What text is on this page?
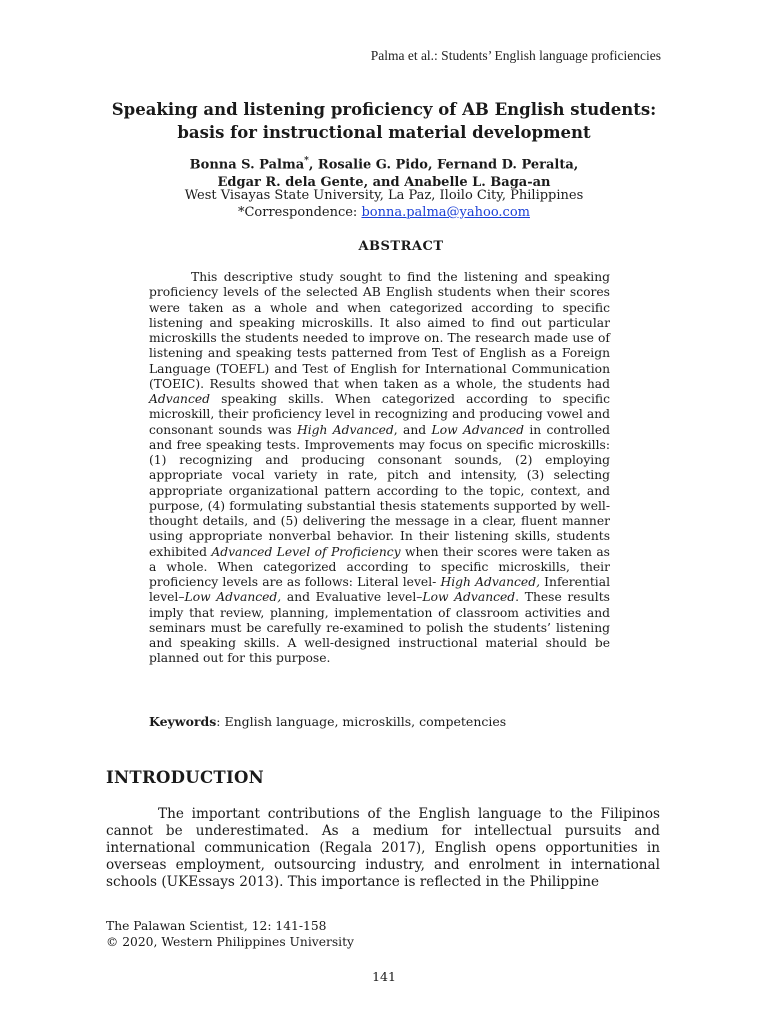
Palma et al.: Students’ English language proficiencies
Speaking and listening proficiency of AB English students:
basis for instructional material development
Bonna S. Palma*, Rosalie G. Pido, Fernand D. Peralta,
Edgar R. dela Gente, and Anabelle L. Baga-an
West Visayas State University, La Paz, Iloilo City, Philippines
*Correspondence: bonna.palma@yahoo.com
ABSTRACT

This descriptive study sought to find the listening and speaking proficiency levels of the selected AB English students when their scores were taken as a whole and when categorized according to specific listening and speaking microskills. It also aimed to find out particular microskills the students needed to improve on. The research made use of listening and speaking tests patterned from Test of English as a Foreign Language (TOEFL) and Test of English for International Communication (TOEIC). Results showed that when taken as a whole, the students had Advanced speaking skills. When categorized according to specific microskill, their proficiency level in recognizing and producing vowel and consonant sounds was High Advanced, and Low Advanced in controlled and free speaking tests. Improvements may focus on specific microskills: (1) recognizing and producing consonant sounds, (2) employing appropriate vocal variety in rate, pitch and intensity, (3) selecting appropriate organizational pattern according to the topic, context, and purpose, (4) formulating substantial thesis statements supported by well-thought details, and (5) delivering the message in a clear, fluent manner using appropriate nonverbal behavior. In their listening skills, students exhibited Advanced Level of Proficiency when their scores were taken as a whole. When categorized according to specific microskills, their proficiency levels are as follows: Literal level- High Advanced, Inferential level–Low Advanced, and Evaluative level–Low Advanced. These results imply that review, planning, implementation of classroom activities and seminars must be carefully re-examined to polish the students’ listening and speaking skills. A well-designed instructional material should be planned out for this purpose.

Keywords: English language, microskills, competencies
INTRODUCTION

The important contributions of the English language to the Filipinos cannot be underestimated. As a medium for intellectual pursuits and international communication (Regala 2017), English opens opportunities in overseas employment, outsourcing industry, and enrolment in international schools (UKEssays 2013). This importance is reflected in the Philippine

The Palawan Scientist, 12: 141-158
© 2020, Western Philippines University
141
